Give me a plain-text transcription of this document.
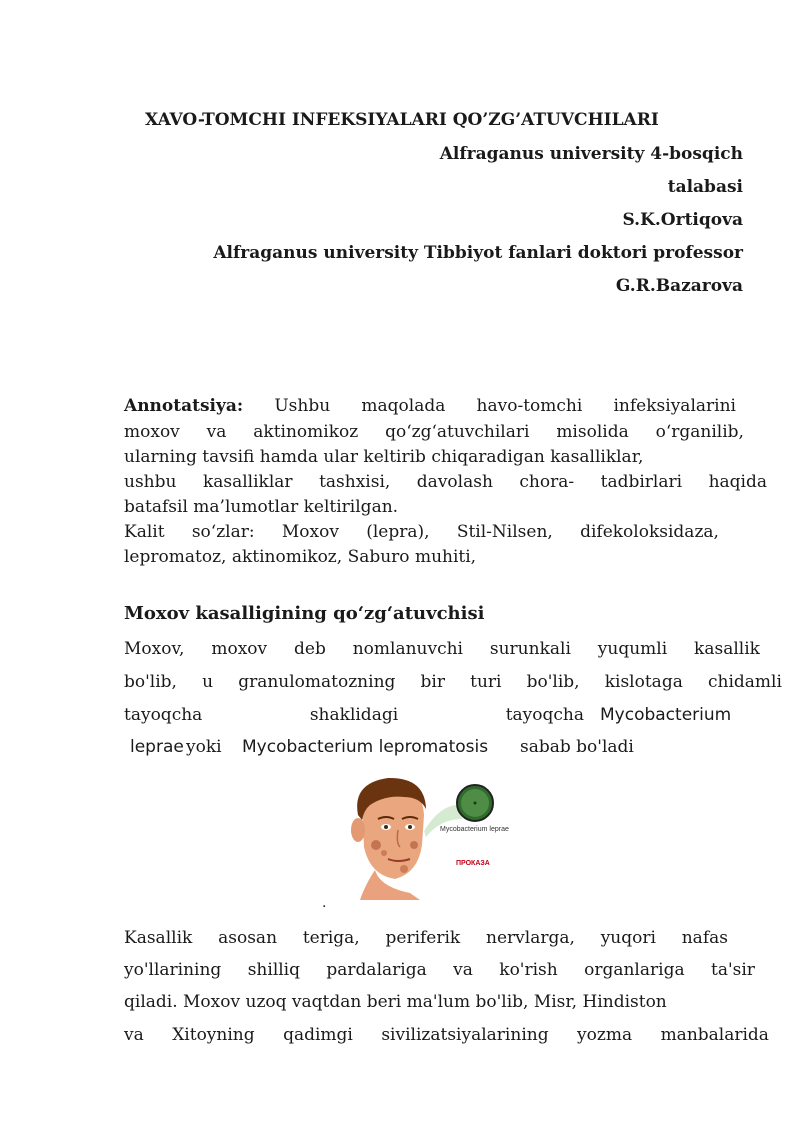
XAVO-TOMCHI INFEKSIYALARI QO’ZG’ATUVCHILARI
Alfraganus university 4-bosqich
talabasi
S.K.Ortiqova
Alfraganus university Tibbiyot fanlari doktori professor
G.R.Bazarova
Annotatsiya: Ushbu maqolada havo-tomchi infeksiyalarini
moxov va aktinomikoz qo‘zg‘atuvchilari misolida o‘rganilib,
ularning tavsifi hamda ular keltirib chiqaradigan kasalliklar,
ushbu kasalliklar tashxisi, davolash chora- tadbirlari haqida
batafsil ma’lumotlar keltirilgan.
Kalit so‘zlar: Moxov (lepra), Stil-Nilsen, difekoloksidaza,
lepromatoz, aktinomikoz, Saburo muhiti,
Moxov kasalligining qo‘zg‘atuvchisi
Moxov, moxov deb nomlanuvchi surunkali yuqumli kasallik
bo'lib, u granulomatozning bir turi bo'lib, kislotaga chidamli
tayoqcha	shaklidagi	tayoqcha Mycobacterium
leprae yoki Mycobacterium lepromatosis sabab bo'ladi
Mycobacterium leprae
ПРОКАЗА
.
Kasallik asosan teriga, periferik nervlarga, yuqori nafas
yo'llarining shilliq pardalariga va ko'rish organlariga ta'sir
qiladi. Moxov uzoq vaqtdan beri ma'lum bo'lib, Misr, Hindiston
va Xitoyning qadimgi sivilizatsiyalarining yozma manbalarida
